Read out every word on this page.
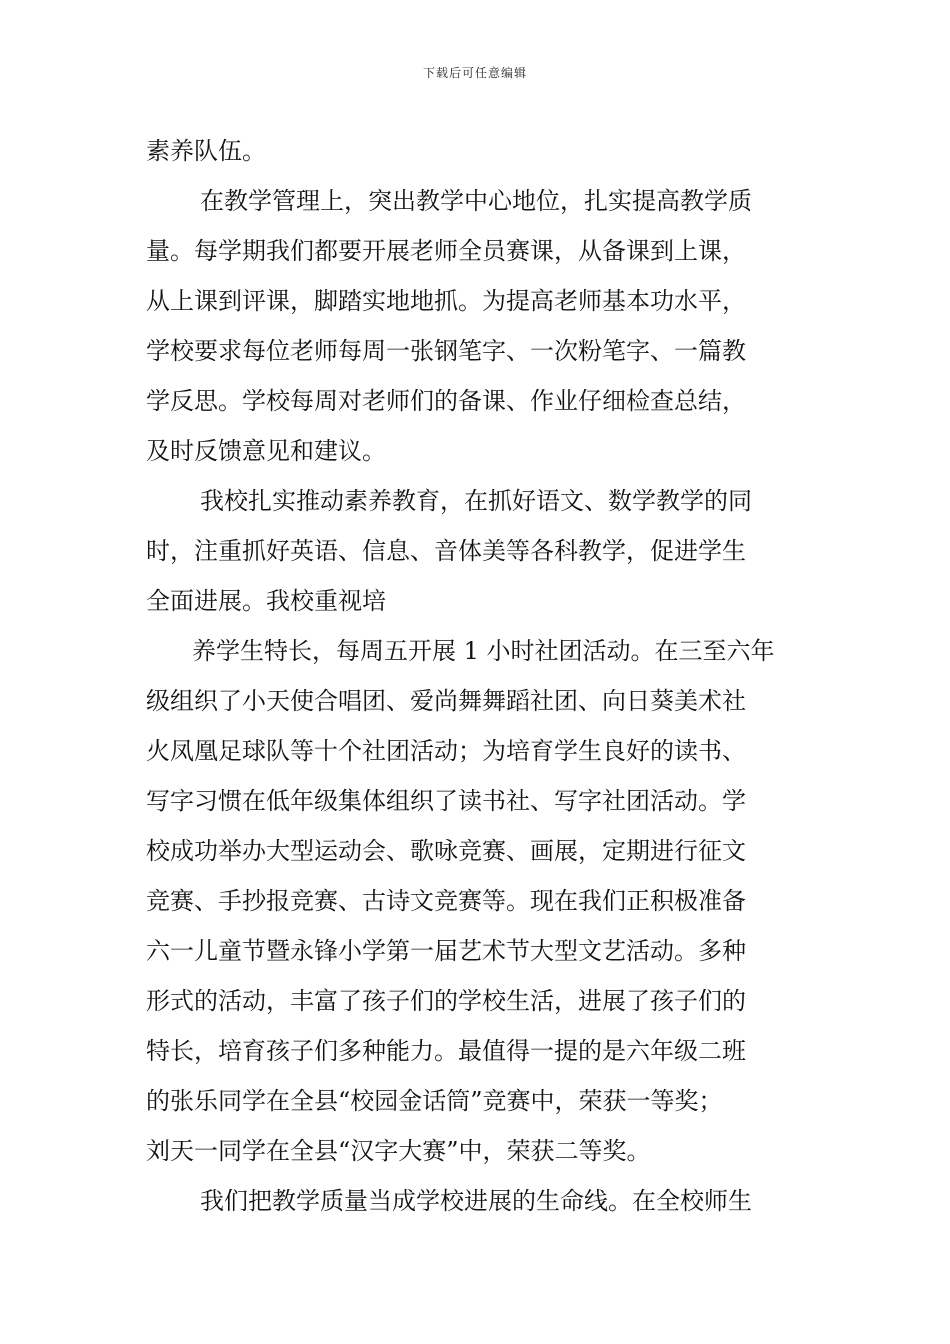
下载后可任意编辑
素养队伍。
在教学管理上，突出教学中心地位，扎实提高教学质
量。每学期我们都要开展老师全员赛课，从备课到上课，
从上课到评课，脚踏实地地抓。为提高老师基本功水平，
学校要求每位老师每周一张钢笔字、一次粉笔字、一篇教
学反思。学校每周对老师们的备课、作业仔细检查总结，
及时反馈意见和建议。
我校扎实推动素养教育，在抓好语文、数学教学的同
时，注重抓好英语、信息、音体美等各科教学，促进学生
全面进展。我校重视培
养学生特长，每周五开展 1 小时社团活动。在三至六年
级组织了小天使合唱团、爱尚舞舞蹈社团、向日葵美术社
火凤凰足球队等十个社团活动；为培育学生良好的读书、
写字习惯在低年级集体组织了读书社、写字社团活动。学
校成功举办大型运动会、歌咏竞赛、画展，定期进行征文
竞赛、手抄报竞赛、古诗文竞赛等。现在我们正积极准备
六一儿童节暨永锋小学第一届艺术节大型文艺活动。多种
形式的活动，丰富了孩子们的学校生活，进展了孩子们的
特长，培育孩子们多种能力。最值得一提的是六年级二班
的张乐同学在全县“校园金话筒”竞赛中，荣获一等奖；
刘天一同学在全县“汉字大赛”中，荣获二等奖。
我们把教学质量当成学校进展的生命线。在全校师生
